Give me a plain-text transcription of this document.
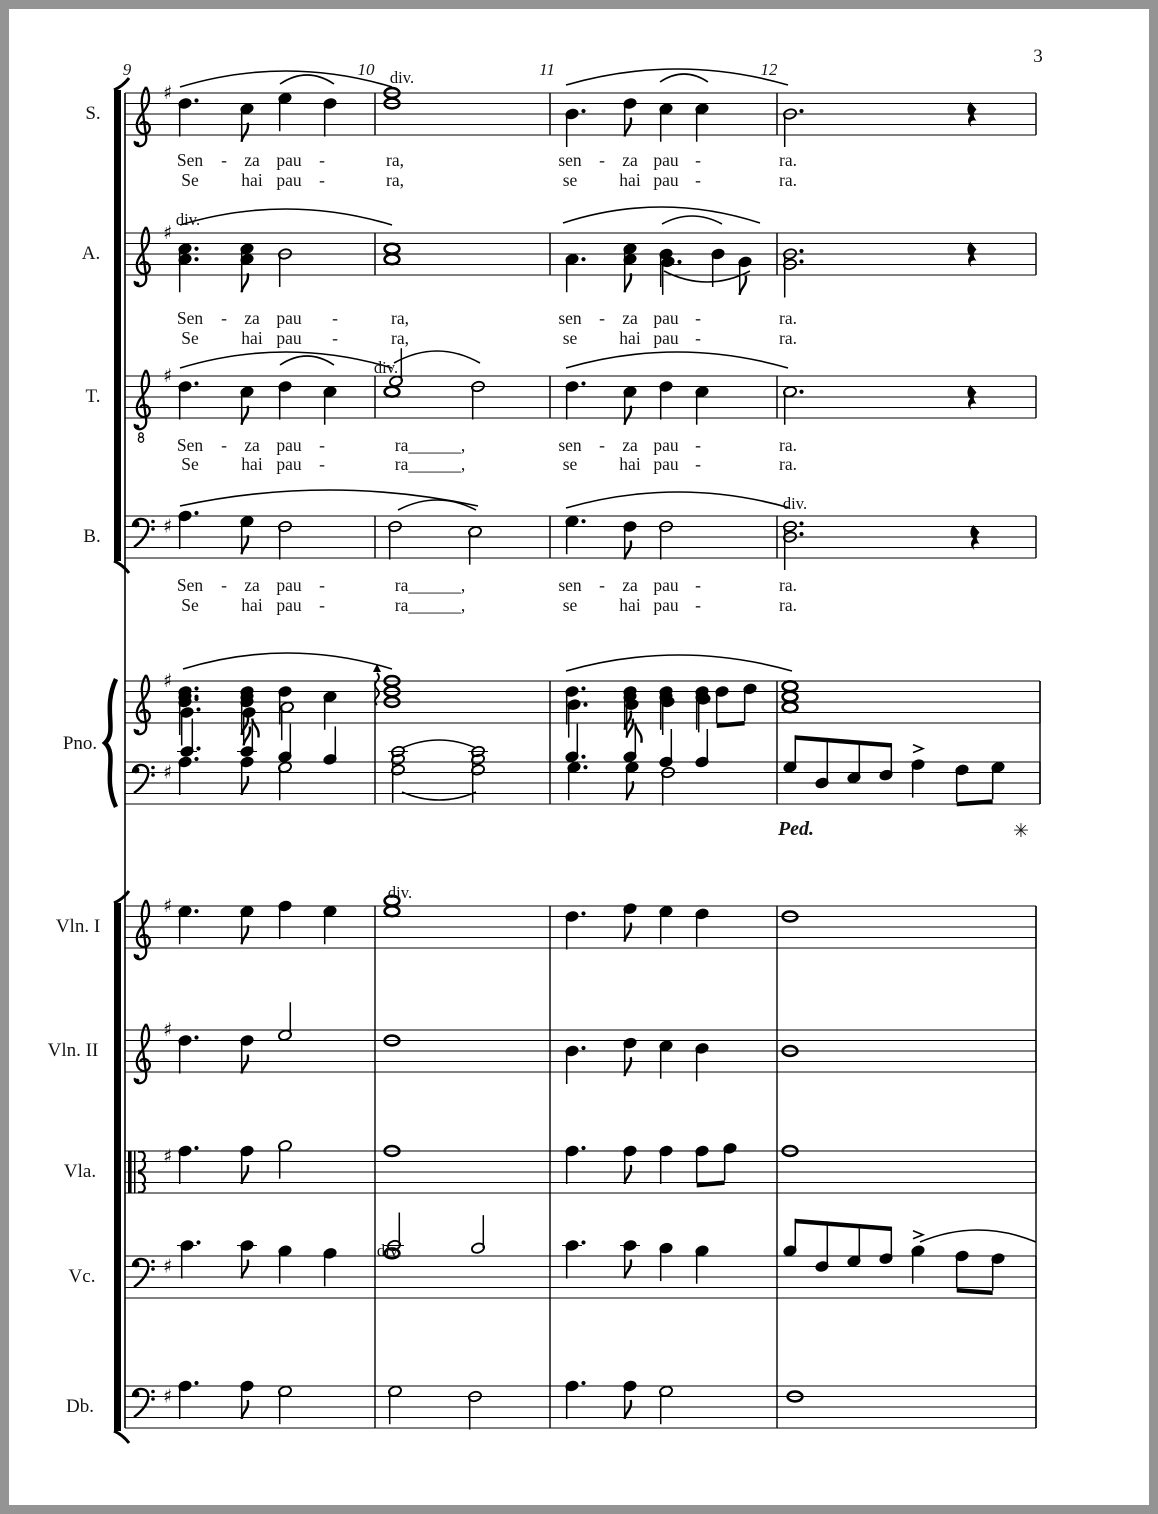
3
Ped.	✳
♯
♯
♯
♯
♯
♯
♯
♯
♯
♯
♯
9	10	11	12
S.
A.
T.
B.
Pno.
Vln. I
Vln. II
Vla.
Vc.
Db.
div.
div.
div.
div.
div.
div.
Sen - za pau -	ra,	sen - za pau -	ra.
Se hai pau -	ra,	se hai pau -	ra.
Sen - za pau -	ra,	sen - za pau -	ra.
Se hai pau -	ra,	se hai pau -	ra.
Sen - za pau -	ra______,	sen - za pau -	ra.
Se hai pau -	ra______,	se hai pau -	ra.
Sen - za pau -	ra______,	sen - za pau -	ra.
Se hai pau -	ra______,	se hai pau -	ra.
